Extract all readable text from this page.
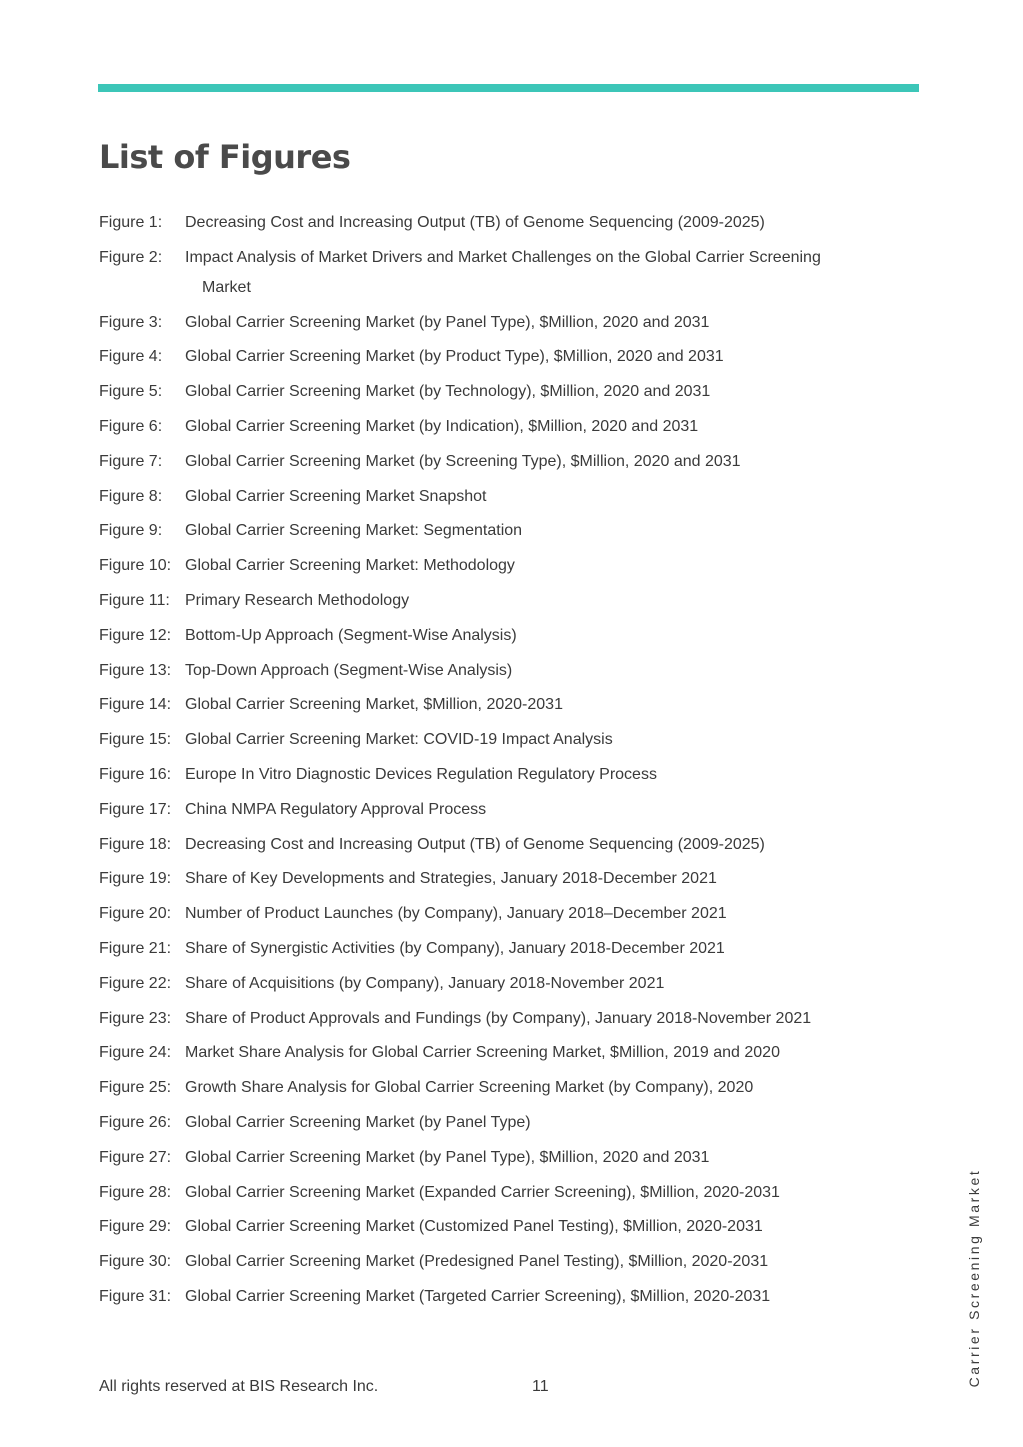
List of Figures
Figure 1:	Decreasing Cost and Increasing Output (TB) of Genome Sequencing (2009-2025)
Figure 2:	Impact Analysis of Market Drivers and Market Challenges on the Global Carrier Screening
Market
Figure 3:	Global Carrier Screening Market (by Panel Type), $Million, 2020 and 2031
Figure 4:	Global Carrier Screening Market (by Product Type), $Million, 2020 and 2031
Figure 5:	Global Carrier Screening Market (by Technology), $Million, 2020 and 2031
Figure 6:	Global Carrier Screening Market (by Indication), $Million, 2020 and 2031
Figure 7:	Global Carrier Screening Market (by Screening Type), $Million, 2020 and 2031
Figure 8:	Global Carrier Screening Market Snapshot
Figure 9:	Global Carrier Screening Market: Segmentation
Figure 10: Global Carrier Screening Market: Methodology
Figure 11: Primary Research Methodology
Figure 12: Bottom-Up Approach (Segment-Wise Analysis)
Figure 13: Top-Down Approach (Segment-Wise Analysis)
Figure 14: Global Carrier Screening Market, $Million, 2020-2031
Figure 15: Global Carrier Screening Market: COVID-19 Impact Analysis
Figure 16: Europe In Vitro Diagnostic Devices Regulation Regulatory Process
Figure 17: China NMPA Regulatory Approval Process
Figure 18: Decreasing Cost and Increasing Output (TB) of Genome Sequencing (2009-2025)
Figure 19: Share of Key Developments and Strategies, January 2018-December 2021
Figure 20: Number of Product Launches (by Company), January 2018–December 2021
Figure 21: Share of Synergistic Activities (by Company), January 2018-December 2021
Figure 22: Share of Acquisitions (by Company), January 2018-November 2021
Figure 23: Share of Product Approvals and Fundings (by Company), January 2018-November 2021
Figure 24: Market Share Analysis for Global Carrier Screening Market, $Million, 2019 and 2020
Figure 25: Growth Share Analysis for Global Carrier Screening Market (by Company), 2020
Figure 26: Global Carrier Screening Market (by Panel Type)
Figure 27: Global Carrier Screening Market (by Panel Type), $Million, 2020 and 2031
Figure 28: Global Carrier Screening Market (Expanded Carrier Screening), $Million, 2020-2031
Figure 29: Global Carrier Screening Market (Customized Panel Testing), $Million, 2020-2031
Figure 30: Global Carrier Screening Market (Predesigned Panel Testing), $Million, 2020-2031
Figure 31: Global Carrier Screening Market (Targeted Carrier Screening), $Million, 2020-2031	Carrier Screening Market
All rights reserved at BIS Research Inc.	11
